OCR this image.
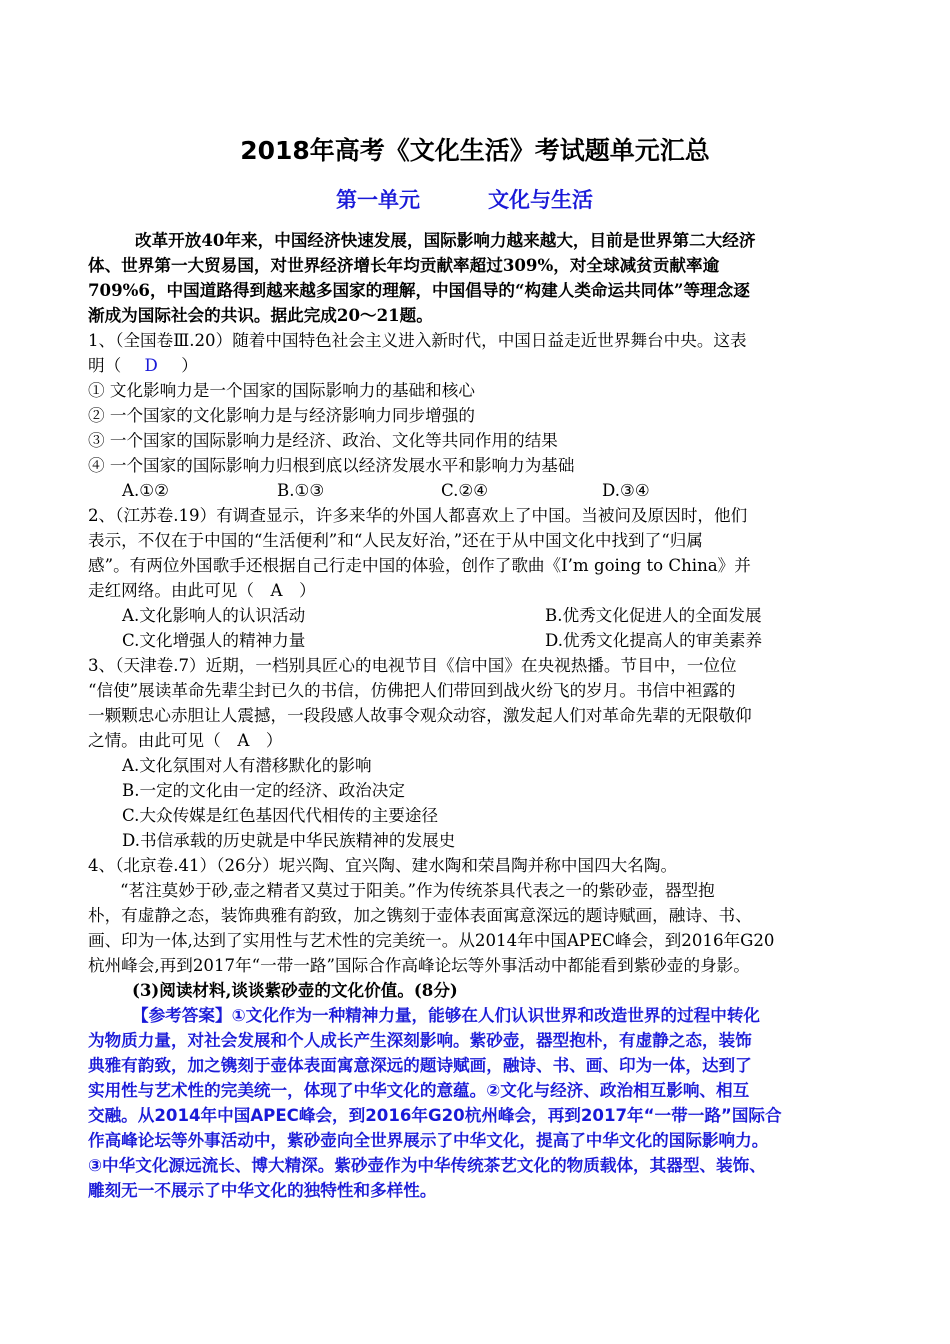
2018年高考《文化生活》考试题单元汇总
第一单元	文化与生活
改革开放40年来，中国经济快速发展，国际影响力越来越大，目前是世界第二大经济
体、世界第一大贸易国，对世界经济增长年均贡献率超过309%，对全球减贫贡献率逾
709%6，中国道路得到越来越多国家的理解，中国倡导的“构建人类命运共同体”等理念逐
渐成为国际社会的共识。据此完成20～21题。
1、（全国卷Ⅲ.20）随着中国特色社会主义进入新时代，中国日益走近世界舞台中央。这表
明（ D ）
① 文化影响力是一个国家的国际影响力的基础和核心
② 一个国家的文化影响力是与经济影响力同步增强的
③ 一个国家的国际影响力是经济、政治、文化等共同作用的结果
④ 一个国家的国际影响力归根到底以经济发展水平和影响力为基础
A.①②	B.①③	C.②④	D.③④
2、（江苏卷.19）有调查显示，许多来华的外国人都喜欢上了中国。当被问及原因时，他们
表示，不仅在于中国的“生活便利”和“人民友好治，”还在于从中国文化中找到了“归属
感”。有两位外国歌手还根据自己行走中国的体验，创作了歌曲《I’m going to China》并
走红网络。由此可见（　A　）
A.文化影响人的认识活动	B.优秀文化促进人的全面发展
C.文化增强人的精神力量	D.优秀文化提高人的审美素养
3、（天津卷.7）近期，一档别具匠心的电视节目《信中国》在央视热播。节目中，一位位
“信使”展读革命先辈尘封已久的书信，仿佛把人们带回到战火纷飞的岁月。书信中袒露的
一颗颗忠心赤胆让人震撼，一段段感人故事令观众动容，激发起人们对革命先辈的无限敬仰
之情。由此可见（　A　）
A.文化氛围对人有潜移默化的影响
B.一定的文化由一定的经济、政治决定
C.大众传媒是红色基因代代相传的主要途径
D.书信承载的历史就是中华民族精神的发展史
4、（北京卷.41）（26分）坭兴陶、宜兴陶、建水陶和荣昌陶并称中国四大名陶。
“茗注莫妙于砂,壶之精者又莫过于阳美。”作为传统茶具代表之一的紫砂壶，器型抱
朴，有虚静之态，装饰典雅有韵致，加之镌刻于壶体表面寓意深远的题诗赋画，融诗、书、
画、印为一体,达到了实用性与艺术性的完美统一。从2014年中国APEC峰会，到2016年G20
杭州峰会,再到2017年“一带一路”国际合作高峰论坛等外事活动中都能看到紫砂壶的身影。
(3)阅读材料,谈谈紫砂壶的文化价值。(8分)
【参考答案】①文化作为一种精神力量，能够在人们认识世界和改造世界的过程中转化
为物质力量，对社会发展和个人成长产生深刻影响。紫砂壶，器型抱朴，有虚静之态，装饰
典雅有韵致，加之镌刻于壶体表面寓意深远的题诗赋画，融诗、书、画、印为一体，达到了
实用性与艺术性的完美统一，体现了中华文化的意蕴。②文化与经济、政治相互影响、相互
交融。从2014年中国APEC峰会，到2016年G20杭州峰会，再到2017年“一带一路”国际合
作高峰论坛等外事活动中，紫砂壶向全世界展示了中华文化，提高了中华文化的国际影响力。
③中华文化源远流长、博大精深。紫砂壶作为中华传统茶艺文化的物质载体，其器型、装饰、
雕刻无一不展示了中华文化的独特性和多样性。
